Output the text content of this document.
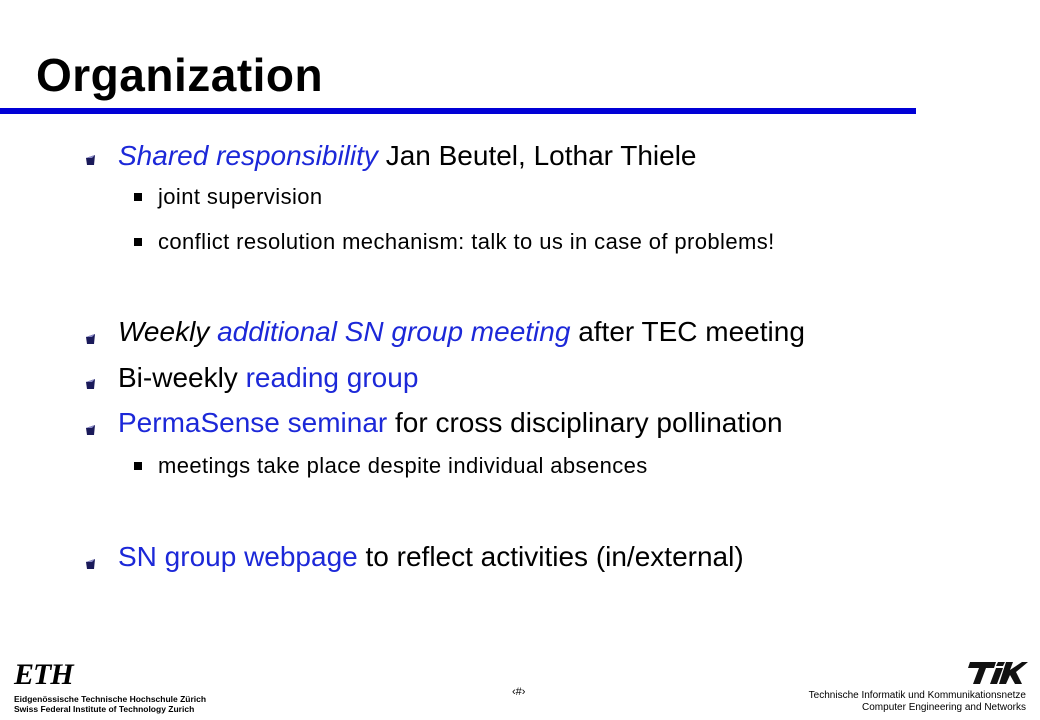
Organization
Shared responsibility Jan Beutel, Lothar Thiele
joint supervision
conflict resolution mechanism: talk to us in case of problems!
Weekly additional SN group meeting after TEC meeting
Bi-weekly reading group
PermaSense seminar for cross disciplinary pollination
meetings take place despite individual absences
SN group webpage to reflect activities (in/external)
ETH
Eidgenössische Technische Hochschule Zürich
Swiss Federal Institute of Technology Zurich
‹#›	Technische Informatik und Kommunikationsnetze
Computer Engineering and Networks
